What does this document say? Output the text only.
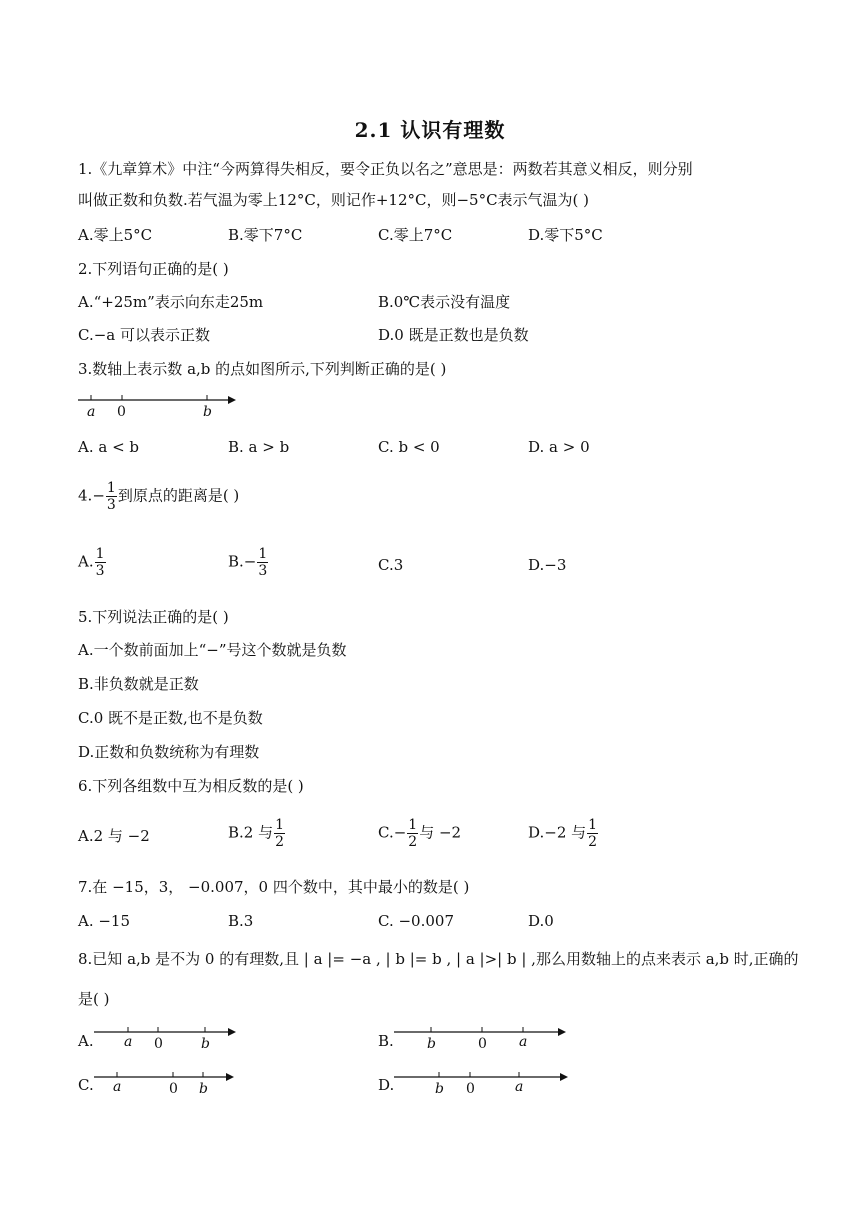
2.1 认识有理数
1.《九章算术》中注“今两算得失相反，要令正负以名之”意思是：两数若其意义相反，则分别
叫做正数和负数.若气温为零上12°C，则记作+12°C，则−5°C表示气温为( )
A.零上5°C	B.零下7°C	C.零上7°C	D.零下5°C
2.下列语句正确的是( )
A.“+25m”表示向东走25m	B.0℃表示没有温度
C.−a 可以表示正数	D.0 既是正数也是负数
3.数轴上表示数 a,b 的点如图所示,下列判断正确的是( )
a 0	b
A. a < b	B. a > b	C. b < 0	D. a > 0
$4.- \frac{1}{3}$ 到原点的距离是( )
A. $\frac{1}{3}$	$B.- \frac{1}{3}$	C.3	D.−3
5.下列说法正确的是( )
A.一个数前面加上“−”号这个数就是负数
B.非负数就是正数
C.0 既不是正数,也不是负数
D.正数和负数统称为有理数
6.下列各组数中互为相反数的是( )
A.2 与 −2	B.2 与 $\frac{1}{2}$	$C.- \frac{1}{2}$ 与 −2	D.−2 与 $\frac{1}{2}$
7.在 −15，3， −0.007，0 四个数中，其中最小的数是( )
A. −15	B.3	C. −0.007	D.0
8.已知 a,b 是不为 0 的有理数,且 | a |= −a , | b |= b , | a |>| b | ,那么用数轴上的点来表示 a,b 时,正确的
是( )
A. a 0	b	B. b	0 a
C. a	0 b	D.	b 0	a
